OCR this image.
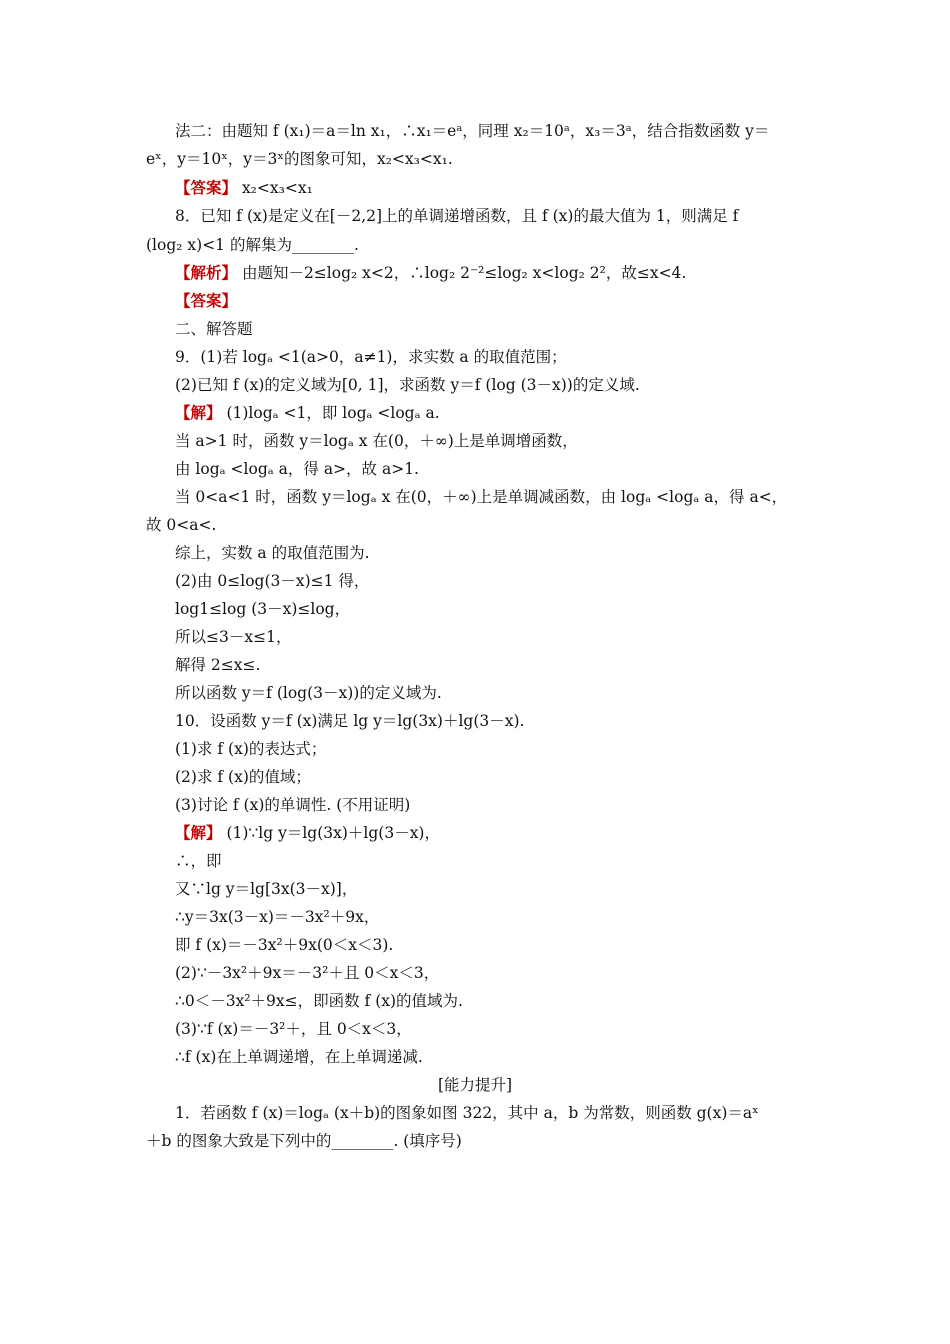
法二：由题知 f (x₁)＝a＝ln x₁，∴x₁＝eᵃ，同理 x₂＝10ᵃ，x₃＝3ᵃ，结合指数函数 y＝
eˣ，y＝10ˣ，y＝3ˣ的图象可知，x₂<x₃<x₁.
【答案】 x₂<x₃<x₁
8．已知 f (x)是定义在[－2,2]上的单调递增函数，且 f (x)的最大值为 1，则满足 f
(log₂ x)<1 的解集为________.
【解析】 由题知－2≤log₂ x<2，∴log₂ 2⁻²≤log₂ x<log₂ 2²，故≤x<4.
【答案】
二、解答题
9．(1)若 logₐ <1(a>0，a≠1)，求实数 a 的取值范围；
(2)已知 f (x)的定义域为[0, 1]，求函数 y＝f (log (3－x))的定义域.
【解】 (1)logₐ <1，即 logₐ <logₐ a.
当 a>1 时，函数 y＝logₐ x 在(0，＋∞)上是单调增函数，
由 logₐ <logₐ a，得 a>，故 a>1.
当 0<a<1 时，函数 y＝logₐ x 在(0，＋∞)上是单调减函数，由 logₐ <logₐ a，得 a<，
故 0<a<.
综上，实数 a 的取值范围为.
(2)由 0≤log(3－x)≤1 得，
log1≤log (3－x)≤log，
所以≤3－x≤1，
解得 2≤x≤.
所以函数 y＝f (log(3－x))的定义域为.
10．设函数 y＝f (x)满足 lg y＝lg(3x)＋lg(3－x).
(1)求 f (x)的表达式；
(2)求 f (x)的值域；
(3)讨论 f (x)的单调性. (不用证明)
【解】 (1)∵lg y＝lg(3x)＋lg(3－x)，
∴，即
又∵lg y＝lg[3x(3－x)]，
∴y＝3x(3－x)＝－3x²＋9x，
即 f (x)＝－3x²＋9x(0＜x＜3).
(2)∵－3x²＋9x＝－3²＋且 0＜x＜3，
∴0＜－3x²＋9x≤，即函数 f (x)的值域为.
(3)∵f (x)＝－3²＋，且 0＜x＜3，
∴f (x)在上单调递增，在上单调递减.
[能力提升]
1．若函数 f (x)＝logₐ (x＋b)的图象如图 322，其中 a，b 为常数，则函数 g(x)＝aˣ
＋b 的图象大致是下列中的________. (填序号)
